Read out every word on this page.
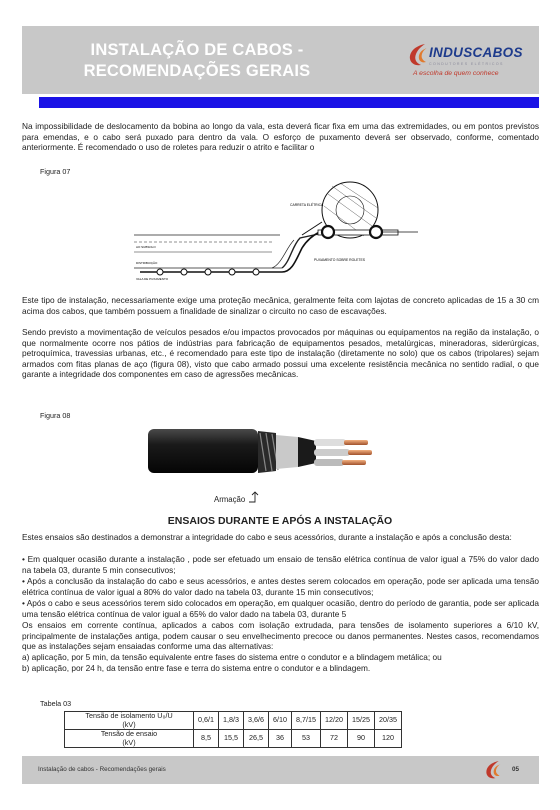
INSTALAÇÃO DE CABOS -
RECOMENDAÇÕES GERAIS
INDUSCABOS
CONDUTORES ELÉTRICOS
A escolha de quem conhece

Na impossibilidade de deslocamento da bobina ao longo da vala, esta deverá ficar fixa em uma das extremidades, ou em pontos previstos para emendas, e o cabo será puxado para dentro da vala. O esforço de puxamento deverá ser observado, conforme, comentado anteriormente. É recomendado o uso de roletes para reduzir o atrito e facilitar o

Figura 07
CARRETA ELÉTRICA
PUXAMENTO SOBRE ROLETES
AO SUBSOLO
DISTRIBUIÇÃO
VALA DE PUXAMENTO

Este tipo de instalação, necessariamente exige uma proteção mecânica, geralmente feita com lajotas de concreto aplicadas de 15 a 30 cm acima dos cabos, que também possuem a finalidade de sinalizar o circuito no caso de escavações.

Sendo previsto a movimentação de veículos pesados e/ou impactos provocados por máquinas ou equipamentos na região da instalação, o que normalmente ocorre nos pátios de indústrias para fabricação de equipamentos pesados, metalúrgicas, mineradoras, siderúrgicas, petroquímica, travessias urbanas, etc., é recomendado para este tipo de instalação (diretamente no solo) que os cabos (tripolares) sejam armados com fitas planas de aço (figura 08), visto que cabo armado possui uma excelente resistência mecânica no sentido radial, o que garante a integridade dos componentes em caso de agressões mecânicas.

Figura 08
Armação
ENSAIOS DURANTE E APÓS A INSTALAÇÃO

Estes ensaios são destinados a demonstrar a integridade do cabo e seus acessórios, durante a instalação e após a conclusão desta:

• Em qualquer ocasião durante a instalação , pode ser efetuado um ensaio de tensão elétrica contínua de valor igual a 75% do valor dado na tabela 03, durante 5 min consecutivos;

• Após a conclusão da instalação do cabo e seus acessórios, e antes destes serem colocados em operação, pode ser aplicada uma tensão elétrica contínua de valor igual a 80% do valor dado na tabela 03, durante 15 min consecutivos;

• Após o cabo e seus acessórios terem sido colocados em operação, em qualquer ocasião, dentro do período de garantia, pode ser aplicada uma tensão elétrica contínua de valor igual a 65% do valor dado na tabela 03, durante 5

Os ensaios em corrente contínua, aplicados a cabos com isolação extrudada, para tensões de isolamento superiores a 6/10 kV, principalmente de instalações antiga, podem causar o seu envelhecimento precoce ou danos permanentes. Nestes casos, recomendamos que as instalações sejam ensaiadas conforme uma das alternativas:

a) aplicação, por 5 min, da tensão equivalente entre fases do sistema entre o condutor e a blindagem metálica; ou

b) aplicação, por 24 h, da tensão entre fase e terra do sistema entre o condutor e a blindagem.

Tabela 03
Tensão de isolamento U₀/U
(kV)	0,6/1	1,8/3	3,6/6	6/10	8,7/15	12/20	15/25	20/35

Tensão de ensaio
(kV)	8,5	15,5	26,5	36	53	72	90	120
Instalação de cabos - Recomendações gerais	05
